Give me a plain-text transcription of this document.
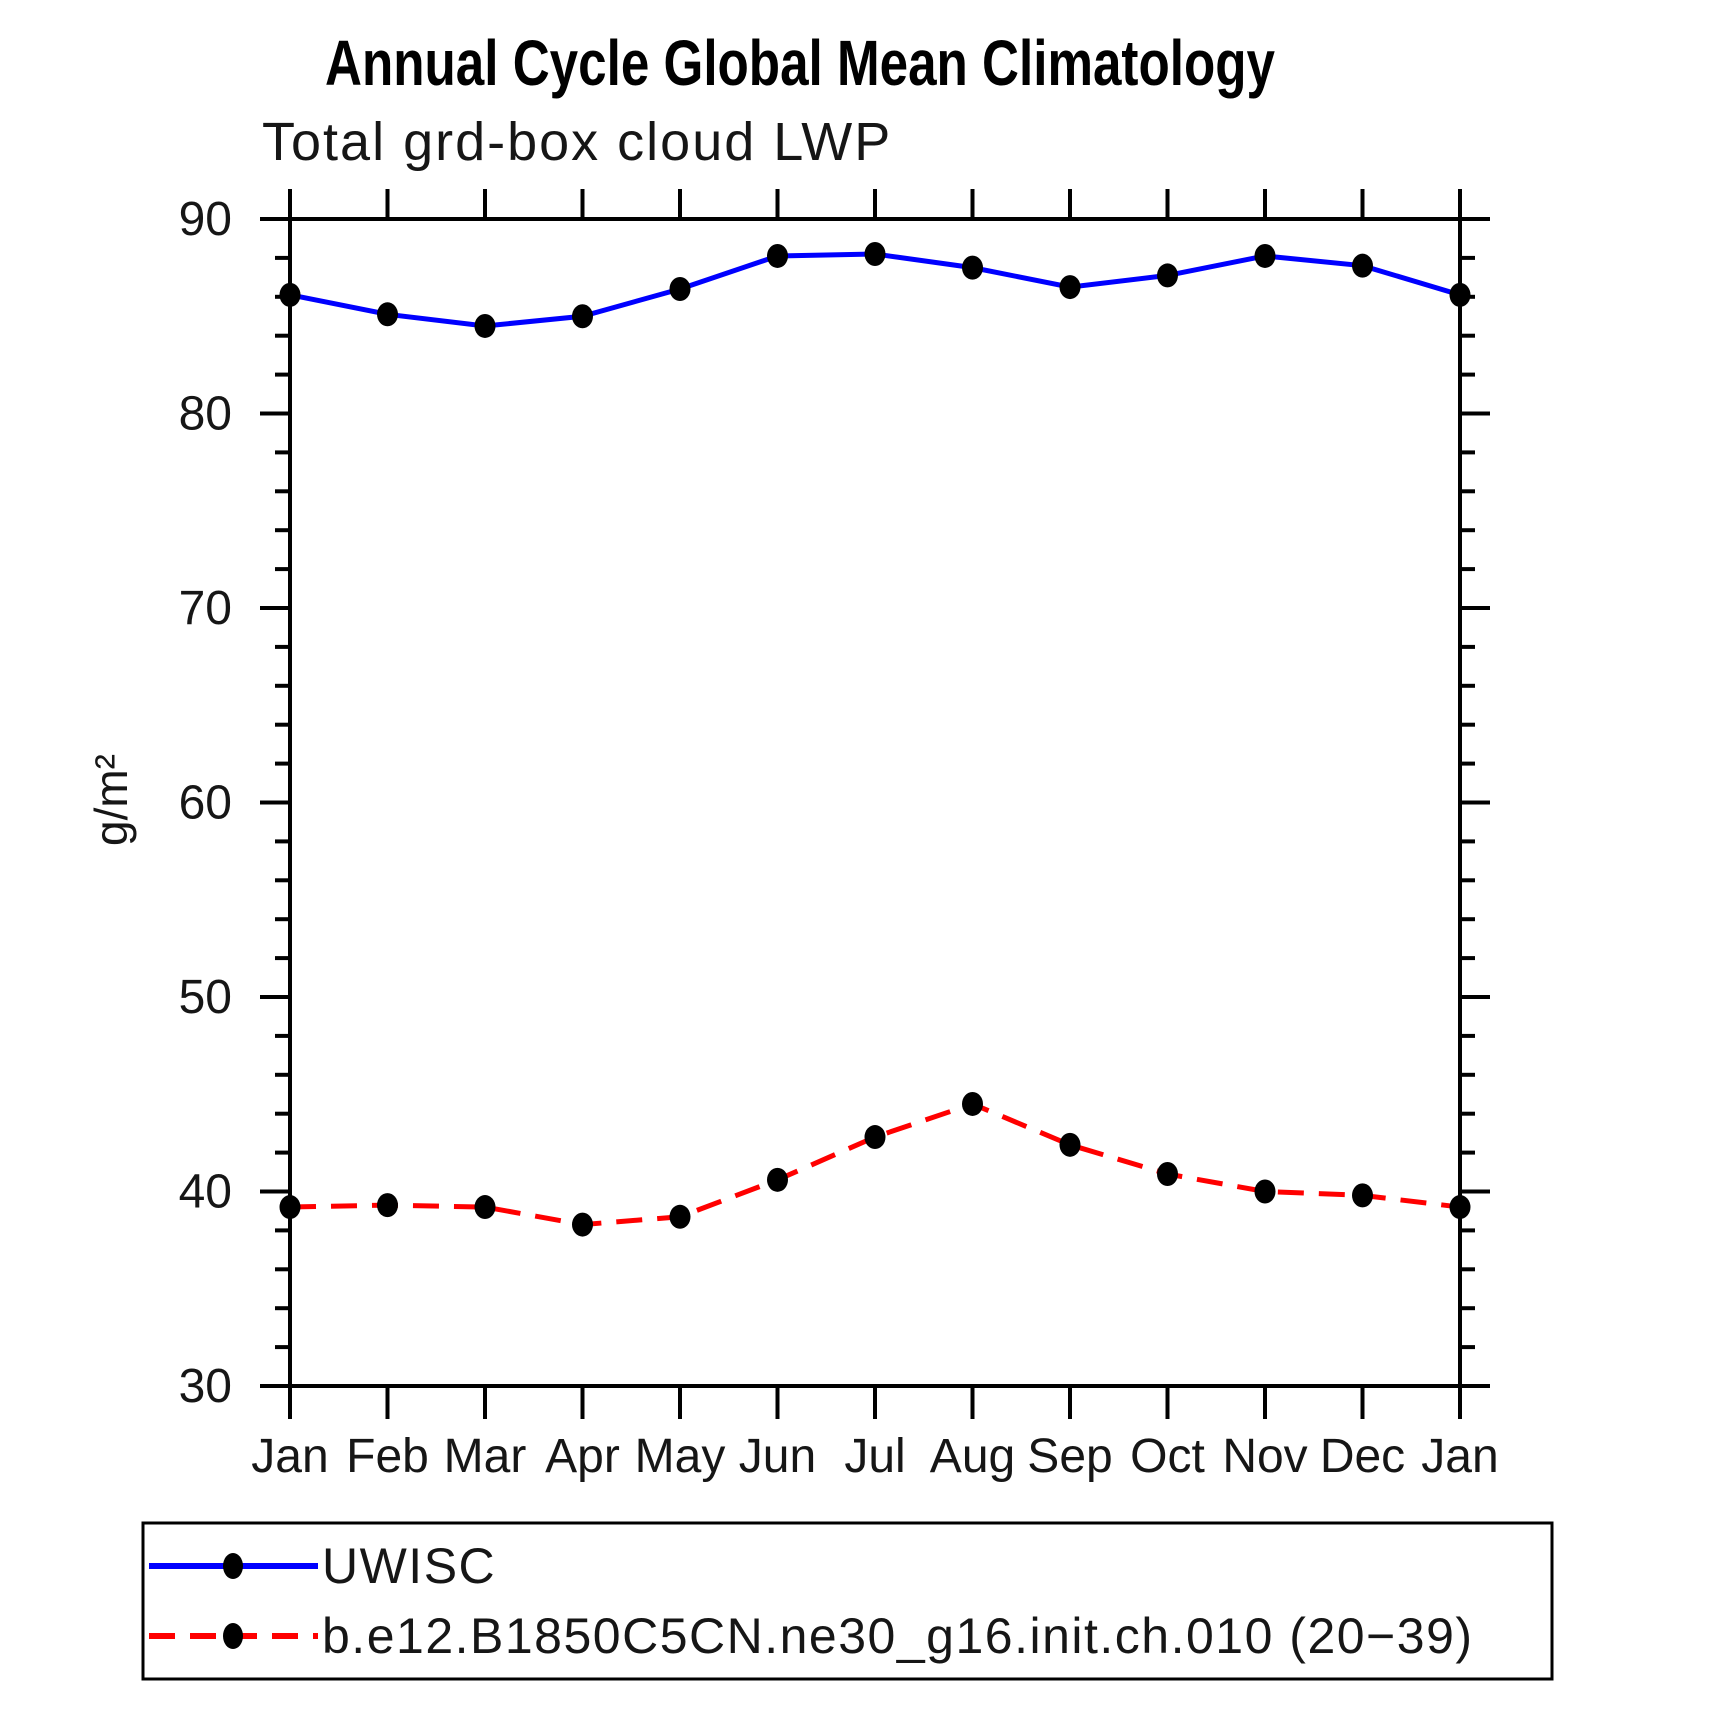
Annual Cycle Global Mean Climatology
Total grd-box cloud LWP
g/m²
30
40
50
60
70
80
90
Jan Feb Mar Apr May Jun Jul Aug Sep Oct Nov Dec Jan
UWISC
b.e12.B1850C5CN.ne30_g16.init.ch.010 (20−39)
